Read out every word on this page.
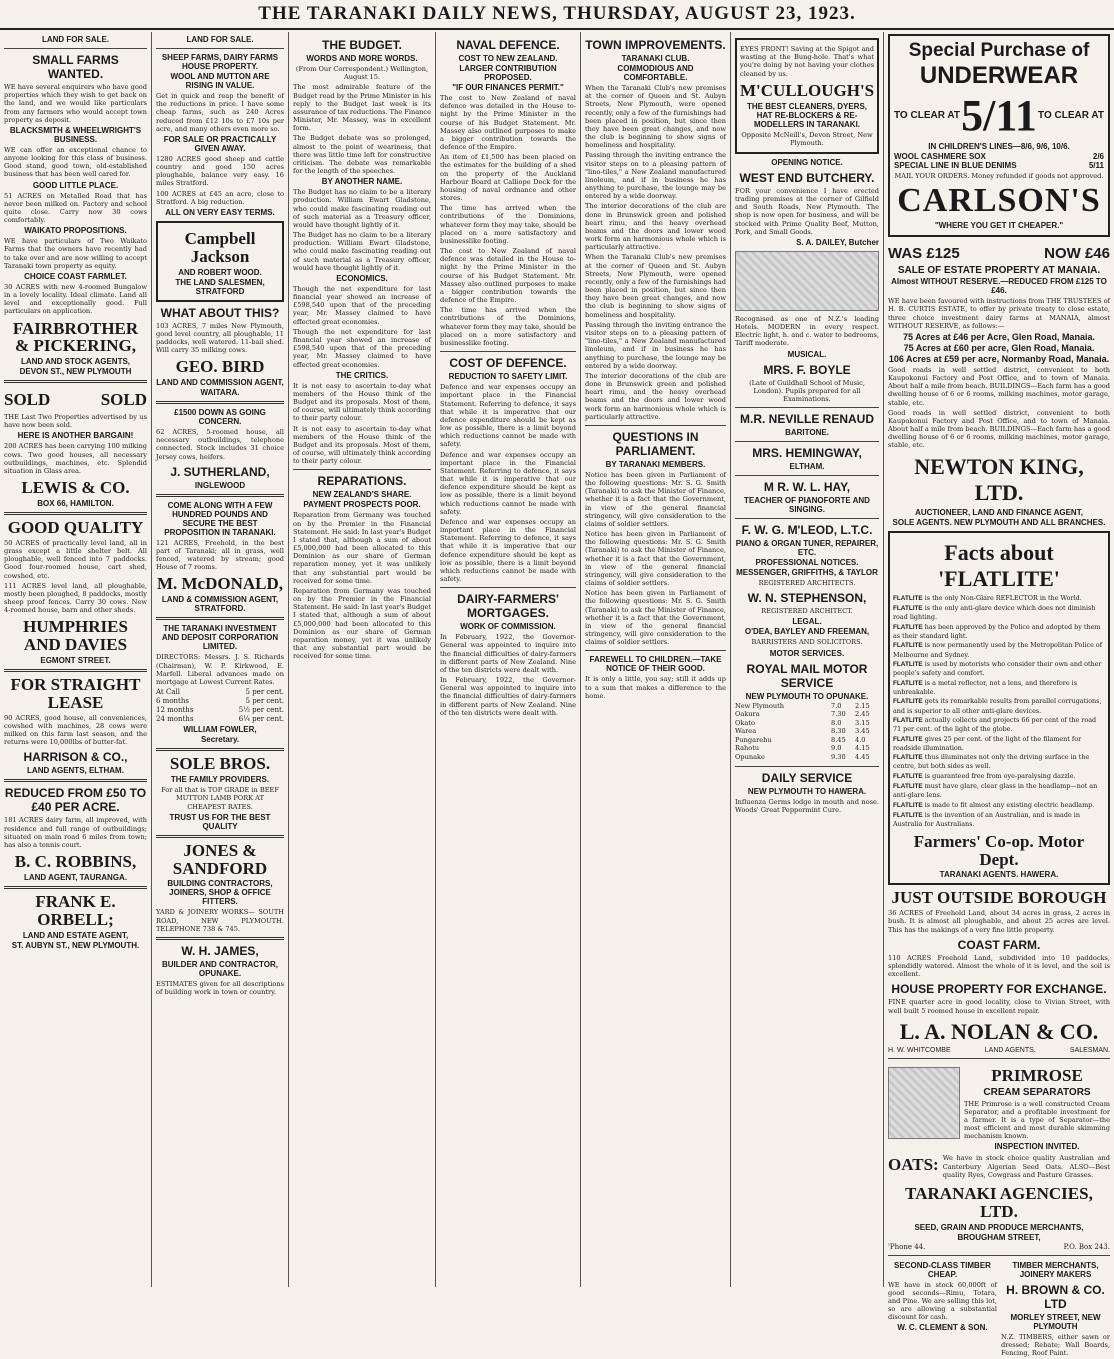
THE TARANAKI DAILY NEWS, THURSDAY, AUGUST 23, 1923.
LAND FOR SALE.
SMALL FARMS WANTED.
WE have several enquirers who have good properties which they wish to get back on the land, and we would like particulars from any farmers who would accept town property as deposit.
BLACKSMITH & WHEELWRIGHT'S BUSINESS.
WE can offer an exceptional chance to anyone looking for this class of business. Good stand, good town, old-established business that has been well cared for.
GOOD LITTLE PLACE.
51 ACRES on Metalled Road that has never been milked on. Factory and school quite close. Carry now 30 cows comfortably.
WAIKATO PROPOSITIONS.
WE have particulars of Two Waikato Farms that the owners have recently had to take over and are now willing to accept Taranaki town property as equity.
CHOICE COAST FARMLET.
30 ACRES with new 4-roomed Bungalow in a lovely locality. Ideal climate. Land all level and exceptionally good. Full particulars on application.
FAIRBROTHER & PICKERING,
LAND AND STOCK AGENTS,
DEVON ST., NEW PLYMOUTH
SOLD	SOLD
THE Last Two Properties advertised by us have now been sold.
HERE IS ANOTHER BARGAIN!
200 ACRES has been carrying 100 milking cows. Two good houses, all necessary outbuildings, machines, etc. Splendid situation in Glass area.
LEWIS & CO.
BOX 66, HAMILTON.
GOOD QUALITY
50 ACRES of practically level land, all in grass except a little shelter belt. All ploughable, well fenced into 7 paddocks. Good four-roomed house, cart shed, cowshed, etc.
111 ACRES level land, all ploughable, mostly been ploughed, 8 paddocks, mostly sheep proof fences. Carry 30 cows. New 4-roomed house, barn and other sheds.
HUMPHRIES AND DAVIES
EGMONT STREET.
FOR STRAIGHT LEASE
90 ACRES, good house, all conveniences, cowshed with machines, 28 cows were milked on this farm last season, and the returns were 10,000lbs of butter-fat.
HARRISON & CO.,
LAND AGENTS, ELTHAM.
REDUCED FROM £50 TO £40 PER ACRE.
181 ACRES dairy farm, all improved, with residence and full range of outbuildings; situated on main road 6 miles from town; has also a tennis court.
B. C. ROBBINS,
LAND AGENT, TAURANGA.
FRANK E. ORBELL;
LAND AND ESTATE AGENT,
ST. AUBYN ST., NEW PLYMOUTH.
LAND FOR SALE.
SHEEP FARMS, DAIRY FARMS HOUSE PROPERTY.
WOOL AND MUTTON ARE RISING IN VALUE.
Get in quick and reap the benefit of the reductions in price. I have some cheap farms, such as 240 Acres reduced from £12 10s to £7 10s per acre, and many others even more so.
FOR SALE OR PRACTICALLY GIVEN AWAY.
1280 ACRES good sheep and cattle country and good 150 acres ploughable, balance very easy. 16 miles Stratford.
100 ACRES at £45 an acre, close to Stratford. A big reduction.
ALL ON VERY EASY TERMS.
Campbell Jackson
AND ROBERT WOOD.
THE LAND SALESMEN, STRATFORD
WHAT ABOUT THIS?
103 ACRES, 7 miles New Plymouth, good level country, all ploughable, 11 paddocks, well watered. 11-bail shed. Will carry 35 milking cows.
GEO. BIRD
LAND AND COMMISSION AGENT,
WAITARA.
£1500 DOWN AS GOING CONCERN.
62 ACRES, 5-roomed house, all necessary outbuildings, telephone connected. Stock includes 31 choice Jersey cows, heifers.
J. SUTHERLAND,
INGLEWOOD
COME ALONG WITH A FEW HUNDRED POUNDS AND SECURE THE BEST PROPOSITION IN TARANAKI.
121 ACRES, Freehold, in the best part of Taranaki; all in grass, well fenced, watered by stream; good House of 7 rooms.
M. McDONALD,
LAND & COMMISSION AGENT, STRATFORD.
THE TARANAKI INVESTMENT AND DEPOSIT CORPORATION LIMITED.
DIRECTORS: Messrs. J. S. Richards (Chairman), W. P. Kirkwood, E. Marfell. Liberal advances made on mortgage at Lowest Current Rates.
At Call	5 per cent.
6 months	5 per cent.
12 months	5½ per cent.
24 months	6¼ per cent.
WILLIAM FOWLER,
Secretary.
SOLE BROS.
THE FAMILY PROVIDERS.
For all that is TOP GRADE in BEEF MUTTON LAMB PORK AT CHEAPEST RATES.
TRUST US FOR THE BEST QUALITY
JONES & SANDFORD
BUILDING CONTRACTORS, JOINERS, SHOP & OFFICE FITTERS.
YARD & JOINERY WORKS— SOUTH ROAD, NEW PLYMOUTH. TELEPHONE 738 & 745.
W. H. JAMES,
BUILDER AND CONTRACTOR, OPUNAKE.
ESTIMATES given for all descriptions of building work in town or country.
THE BUDGET.
WORDS AND MORE WORDS.
(From Our Correspondent.) Wellington, August 15.
The most admirable feature of the Budget read by the Prime Minister in his reply to the Budget last week is its assurance of tax reductions. The Finance Minister, Mr. Massey, was in excellent form.
The Budget debate was so prolonged, almost to the point of weariness, that there was little time left for constructive criticism. The debate was remarkable for the length of the speeches.
BY ANOTHER NAME.
The Budget has no claim to be a literary production. William Ewart Gladstone, who could make fascinating reading out of such material as a Treasury officer, would have thought lightly of it.
The Budget has no claim to be a literary production. William Ewart Gladstone, who could make fascinating reading out of such material as a Treasury officer, would have thought lightly of it.
ECONOMICS.
Though the net expenditure for last financial year showed an increase of £598,540 upon that of the preceding year, Mr. Massey claimed to have effected great economies.
Though the net expenditure for last financial year showed an increase of £598,540 upon that of the preceding year, Mr. Massey claimed to have effected great economies.
THE CRITICS.
It is not easy to ascertain to-day what members of the House think of the Budget and its proposals. Most of them, of course, will ultimately think according to their party colour.
It is not easy to ascertain to-day what members of the House think of the Budget and its proposals. Most of them, of course, will ultimately think according to their party colour.
REPARATIONS.
NEW ZEALAND'S SHARE.
PAYMENT PROSPECTS POOR.
Reparation from Germany was touched on by the Premier in the Financial Statement. He said: In last year's Budget I stated that, although a sum of about £5,000,000 had been allocated to this Dominion as our share of German reparation money, yet it was unlikely that any substantial part would be received for some time.
Reparation from Germany was touched on by the Premier in the Financial Statement. He said: In last year's Budget I stated that, although a sum of about £5,000,000 had been allocated to this Dominion as our share of German reparation money, yet it was unlikely that any substantial part would be received for some time.
NAVAL DEFENCE.
COST TO NEW ZEALAND.
LARGER CONTRIBUTION PROPOSED.
"IF OUR FINANCES PERMIT."
The cost to New Zealand of naval defence was detailed in the House to-night by the Prime Minister in the course of his Budget Statement. Mr. Massey also outlined purposes to make a bigger contribution towards the defence of the Empire.
An item of £1,500 has been placed on the estimates for the building of a shed on the property of the Auckland Harbour Board at Calliope Dock for the housing of naval ordnance and other stores.
The time has arrived when the contributions of the Dominions, whatever form they may take, should be placed on a more satisfactory and businesslike footing.
The cost to New Zealand of naval defence was detailed in the House to-night by the Prime Minister in the course of his Budget Statement. Mr. Massey also outlined purposes to make a bigger contribution towards the defence of the Empire.
The time has arrived when the contributions of the Dominions, whatever form they may take, should be placed on a more satisfactory and businesslike footing.
COST OF DEFENCE.
REDUCTION TO SAFETY LIMIT.
Defence and war expenses occupy an important place in the Financial Statement. Referring to defence, it says that while it is imperative that our defence expenditure should be kept as low as possible, there is a limit beyond which reductions cannot be made with safety.
Defence and war expenses occupy an important place in the Financial Statement. Referring to defence, it says that while it is imperative that our defence expenditure should be kept as low as possible, there is a limit beyond which reductions cannot be made with safety.
Defence and war expenses occupy an important place in the Financial Statement. Referring to defence, it says that while it is imperative that our defence expenditure should be kept as low as possible, there is a limit beyond which reductions cannot be made with safety.
DAIRY-FARMERS' MORTGAGES.
WORK OF COMMISSION.
In February, 1922, the Governor-General was appointed to inquire into the financial difficulties of dairy-farmers in different parts of New Zealand. Nine of the ten districts were dealt with.
In February, 1922, the Governor-General was appointed to inquire into the financial difficulties of dairy-farmers in different parts of New Zealand. Nine of the ten districts were dealt with.
TOWN IMPROVEMENTS.
TARANAKI CLUB.
COMMODIOUS AND COMFORTABLE.
When the Taranaki Club's new premises at the corner of Queen and St. Aubyn Streets, New Plymouth, were opened recently, only a few of the furnishings had been placed in position, but since then they have been great changes, and now the club is beginning to show signs of homeliness and hospitality.
Passing through the inviting entrance the visitor steps on to a pleasing pattern of "lino-tiles," a New Zealand manufactured linoleum, and if in business he has anything to purchase, the lounge may be entered by a wide doorway.
The interior decorations of the club are done in Brunswick green and polished heart rimu, and the heavy overhead beams and the doors and lower wood work form an harmonious whole which is particularly attractive.
When the Taranaki Club's new premises at the corner of Queen and St. Aubyn Streets, New Plymouth, were opened recently, only a few of the furnishings had been placed in position, but since then they have been great changes, and now the club is beginning to show signs of homeliness and hospitality.
Passing through the inviting entrance the visitor steps on to a pleasing pattern of "lino-tiles," a New Zealand manufactured linoleum, and if in business he has anything to purchase, the lounge may be entered by a wide doorway.
The interior decorations of the club are done in Brunswick green and polished heart rimu, and the heavy overhead beams and the doors and lower wood work form an harmonious whole which is particularly attractive.
QUESTIONS IN PARLIAMENT.
BY TARANAKI MEMBERS.
Notice has been given in Parliament of the following questions: Mr. S. G. Smith (Taranaki) to ask the Minister of Finance, whether it is a fact that the Government, in view of the general financial stringency, will give consideration to the claims of soldier settlers.
Notice has been given in Parliament of the following questions: Mr. S. G. Smith (Taranaki) to ask the Minister of Finance, whether it is a fact that the Government, in view of the general financial stringency, will give consideration to the claims of soldier settlers.
Notice has been given in Parliament of the following questions: Mr. S. G. Smith (Taranaki) to ask the Minister of Finance, whether it is a fact that the Government, in view of the general financial stringency, will give consideration to the claims of soldier settlers.
FAREWELL TO CHILDREN.—TAKE NOTICE OF THEIR GOOD.
It is only a little, you say; still it adds up to a sum that makes a difference to the home.
EYES FRONT! Saving at the Spigot and wasting at the Bung-hole. That's what you're doing by not having your clothes cleaned by us.
M'CULLOUGH'S
THE BEST CLEANERS, DYERS, HAT RE-BLOCKERS & RE-MODELLERS IN TARANAKI.
Opposite McNeill's, Devon Street, New Plymouth.
OPENING NOTICE.
WEST END BUTCHERY.
FOR your convenience I have erected trading premises at the corner of Gilfield and South Roads, New Plymouth. The shop is now open for business, and will be stocked with Prime Quality Beef, Mutton, Pork, and Small Goods.
S. A. DAILEY, Butcher
Recognised as one of N.Z.'s leading Hotels. MODERN in every respect. Electric light, h. and c. water to bedrooms, Tariff moderate.
MUSICAL.
MRS. F. BOYLE
(Late of Guildhall School of Music, London). Pupils prepared for all Examinations.
M.R. NEVILLE RENAUD
BARITONE.
MRS. HEMINGWAY,
ELTHAM.
M R. W. L. HAY,
TEACHER OF PIANOFORTE AND SINGING.
F. W. G. M'LEOD, L.T.C.
PIANO & ORGAN TUNER, REPAIRER, ETC.
PROFESSIONAL NOTICES.
MESSENGER, GRIFFITHS, & TAYLOR
REGISTERED ARCHITECTS.
W. N. STEPHENSON,
REGISTERED ARCHITECT.
LEGAL.
O'DEA, BAYLEY AND FREEMAN,
BARRISTERS AND SOLICITORS.
MOTOR SERVICES.
ROYAL MAIL MOTOR SERVICE
NEW PLYMOUTH TO OPUNAKE.
New Plymouth	7.0	2.15
Oakura	7.30	2.45
Okato	8.0	3.15
Warea	8.30	3.45
Pungarehu	8.45	4.0
Rahotu	9.0	4.15
Opunake	9.30	4.45
DAILY SERVICE
NEW PLYMOUTH TO HAWERA.
Influenza Germs lodge in mouth and nose. Woods' Great Peppermint Cure.
Special Purchase of
UNDERWEAR
TO CLEAR AT 5/11 TO CLEAR AT
IN CHILDREN'S LINES—8/6, 9/6, 10/6.
WOOL CASHMERE SOX	2/6
SPECIAL LINE IN BLUE DENIMS	5/11
MAIL YOUR ORDERS. Money refunded if goods not approved.
CARLSON'S
"WHERE YOU GET IT CHEAPER."
WAS £125	NOW £46
SALE OF ESTATE PROPERTY AT MANAIA.
Almost WITHOUT RESERVE.—REDUCED FROM £125 TO £46.
WE have been favoured with instructions from THE TRUSTEES of H. B. CURTIS ESTATE, to offer by private treaty to close estate, three choice investment dairy farms at MANAIA, almost WITHOUT RESERVE, as follows:—
75 Acres at £46 per Acre, Glen Road, Manaia.
75 Acres at £60 per acre, Glen Road, Manaia.
106 Acres at £59 per acre, Normanby Road, Manaia.
Good roads in well settled district, convenient to both Kaupokonui Factory and Post Office, and to town of Manaia. About half a mile from beach. BUILDINGS—Each farm has a good dwelling house of 6 or 6 rooms, milking machines, motor garage, stable, etc.
Good roads in well settled district, convenient to both Kaupokonui Factory and Post Office, and to town of Manaia. About half a mile from beach. BUILDINGS—Each farm has a good dwelling house of 6 or 6 rooms, milking machines, motor garage, stable, etc.
NEWTON KING, LTD.
AUCTIONEER, LAND AND FINANCE AGENT,
SOLE AGENTS. NEW PLYMOUTH AND ALL BRANCHES.
Facts about 'FLATLITE'
FLATLITE is the only Non-Glare REFLECTOR in the World.
FLATLITE is the only anti-glare device which does not diminish road lighting.
FLATLITE has been approved by the Police and adopted by them as their standard light.
FLATLITE is now permanently used by the Metropolitan Police of Melbourne and Sydney.
FLATLITE is used by motorists who consider their own and other people's safety and comfort.
FLATLITE is a metal reflector, not a lens, and therefore is unbreakable.
FLATLITE gets its remarkable results from parallel corrugations, and is superior to all other anti-glare devices.
FLATLITE actually collects and projects 66 per cent of the road 71 per cent. of the light of the globe.
FLATLITE gives 25 per cent. of the light of the filament for roadside illumination.
FLATLITE thus illuminates not only the driving surface in the centre, but both sides as well.
FLATLITE is guaranteed free from eye-paralysing dazzle.
FLATLITE must have glare, clear glass in the headlamp—not an anti-glare lens.
FLATLITE is made to fit almost any existing electric headlamp.
FLATLITE is the invention of an Australian, and is made in Australia for Australians.
Farmers' Co-op. Motor Dept.
TARANAKI AGENTS. HAWERA.
JUST OUTSIDE BOROUGH
36 ACRES of Freehold Land, about 34 acres in grass, 2 acres in bush. It is almost all ploughable, and about 25 acres are level. This has the makings of a very fine little property.
COAST FARM.
110 ACRES Freehold Land, subdivided into 10 paddocks, splendidly watered. Almost the whole of it is level, and the soil is excellent.
HOUSE PROPERTY FOR EXCHANGE.
FINE quarter acre in good locality, close to Vivian Street, with well built 5 roomed house in excellent repair.
L. A. NOLAN & CO.
H. W. WHITCOMBE	LAND AGENTS.	SALESMAN.
PRIMROSE
CREAM SEPARATORS
THE Primrose is a well constructed Cream Separator, and a profitable investment for a farmer. It is a type of Separator—the most efficient and most durable skimming mechanism known.
INSPECTION INVITED.
OATS: We have in stock choice quality Australian and Canterbury Algerian Seed Oats. ALSO—Best quality Ryes, Cowgrass and Pasture Grasses.
TARANAKI AGENCIES, LTD.
SEED, GRAIN AND PRODUCE MERCHANTS,
BROUGHAM STREET,
'Phone 44.	P.O. Box 243.
SECOND-CLASS TIMBER CHEAP.
WE have in stock 60,000ft of good seconds—Rimu, Totara, and Pine. We are selling this lot, so are allowing a substantial discount for cash.
W. C. CLEMENT & SON.
TIMBER MERCHANTS, JOINERY MAKERS
H. BROWN & CO. LTD
MORLEY STREET, NEW PLYMOUTH
N.Z. TIMBERS, either sawn or dressed; Rebate; Wall Boards, Fencing, Roof Paint.
